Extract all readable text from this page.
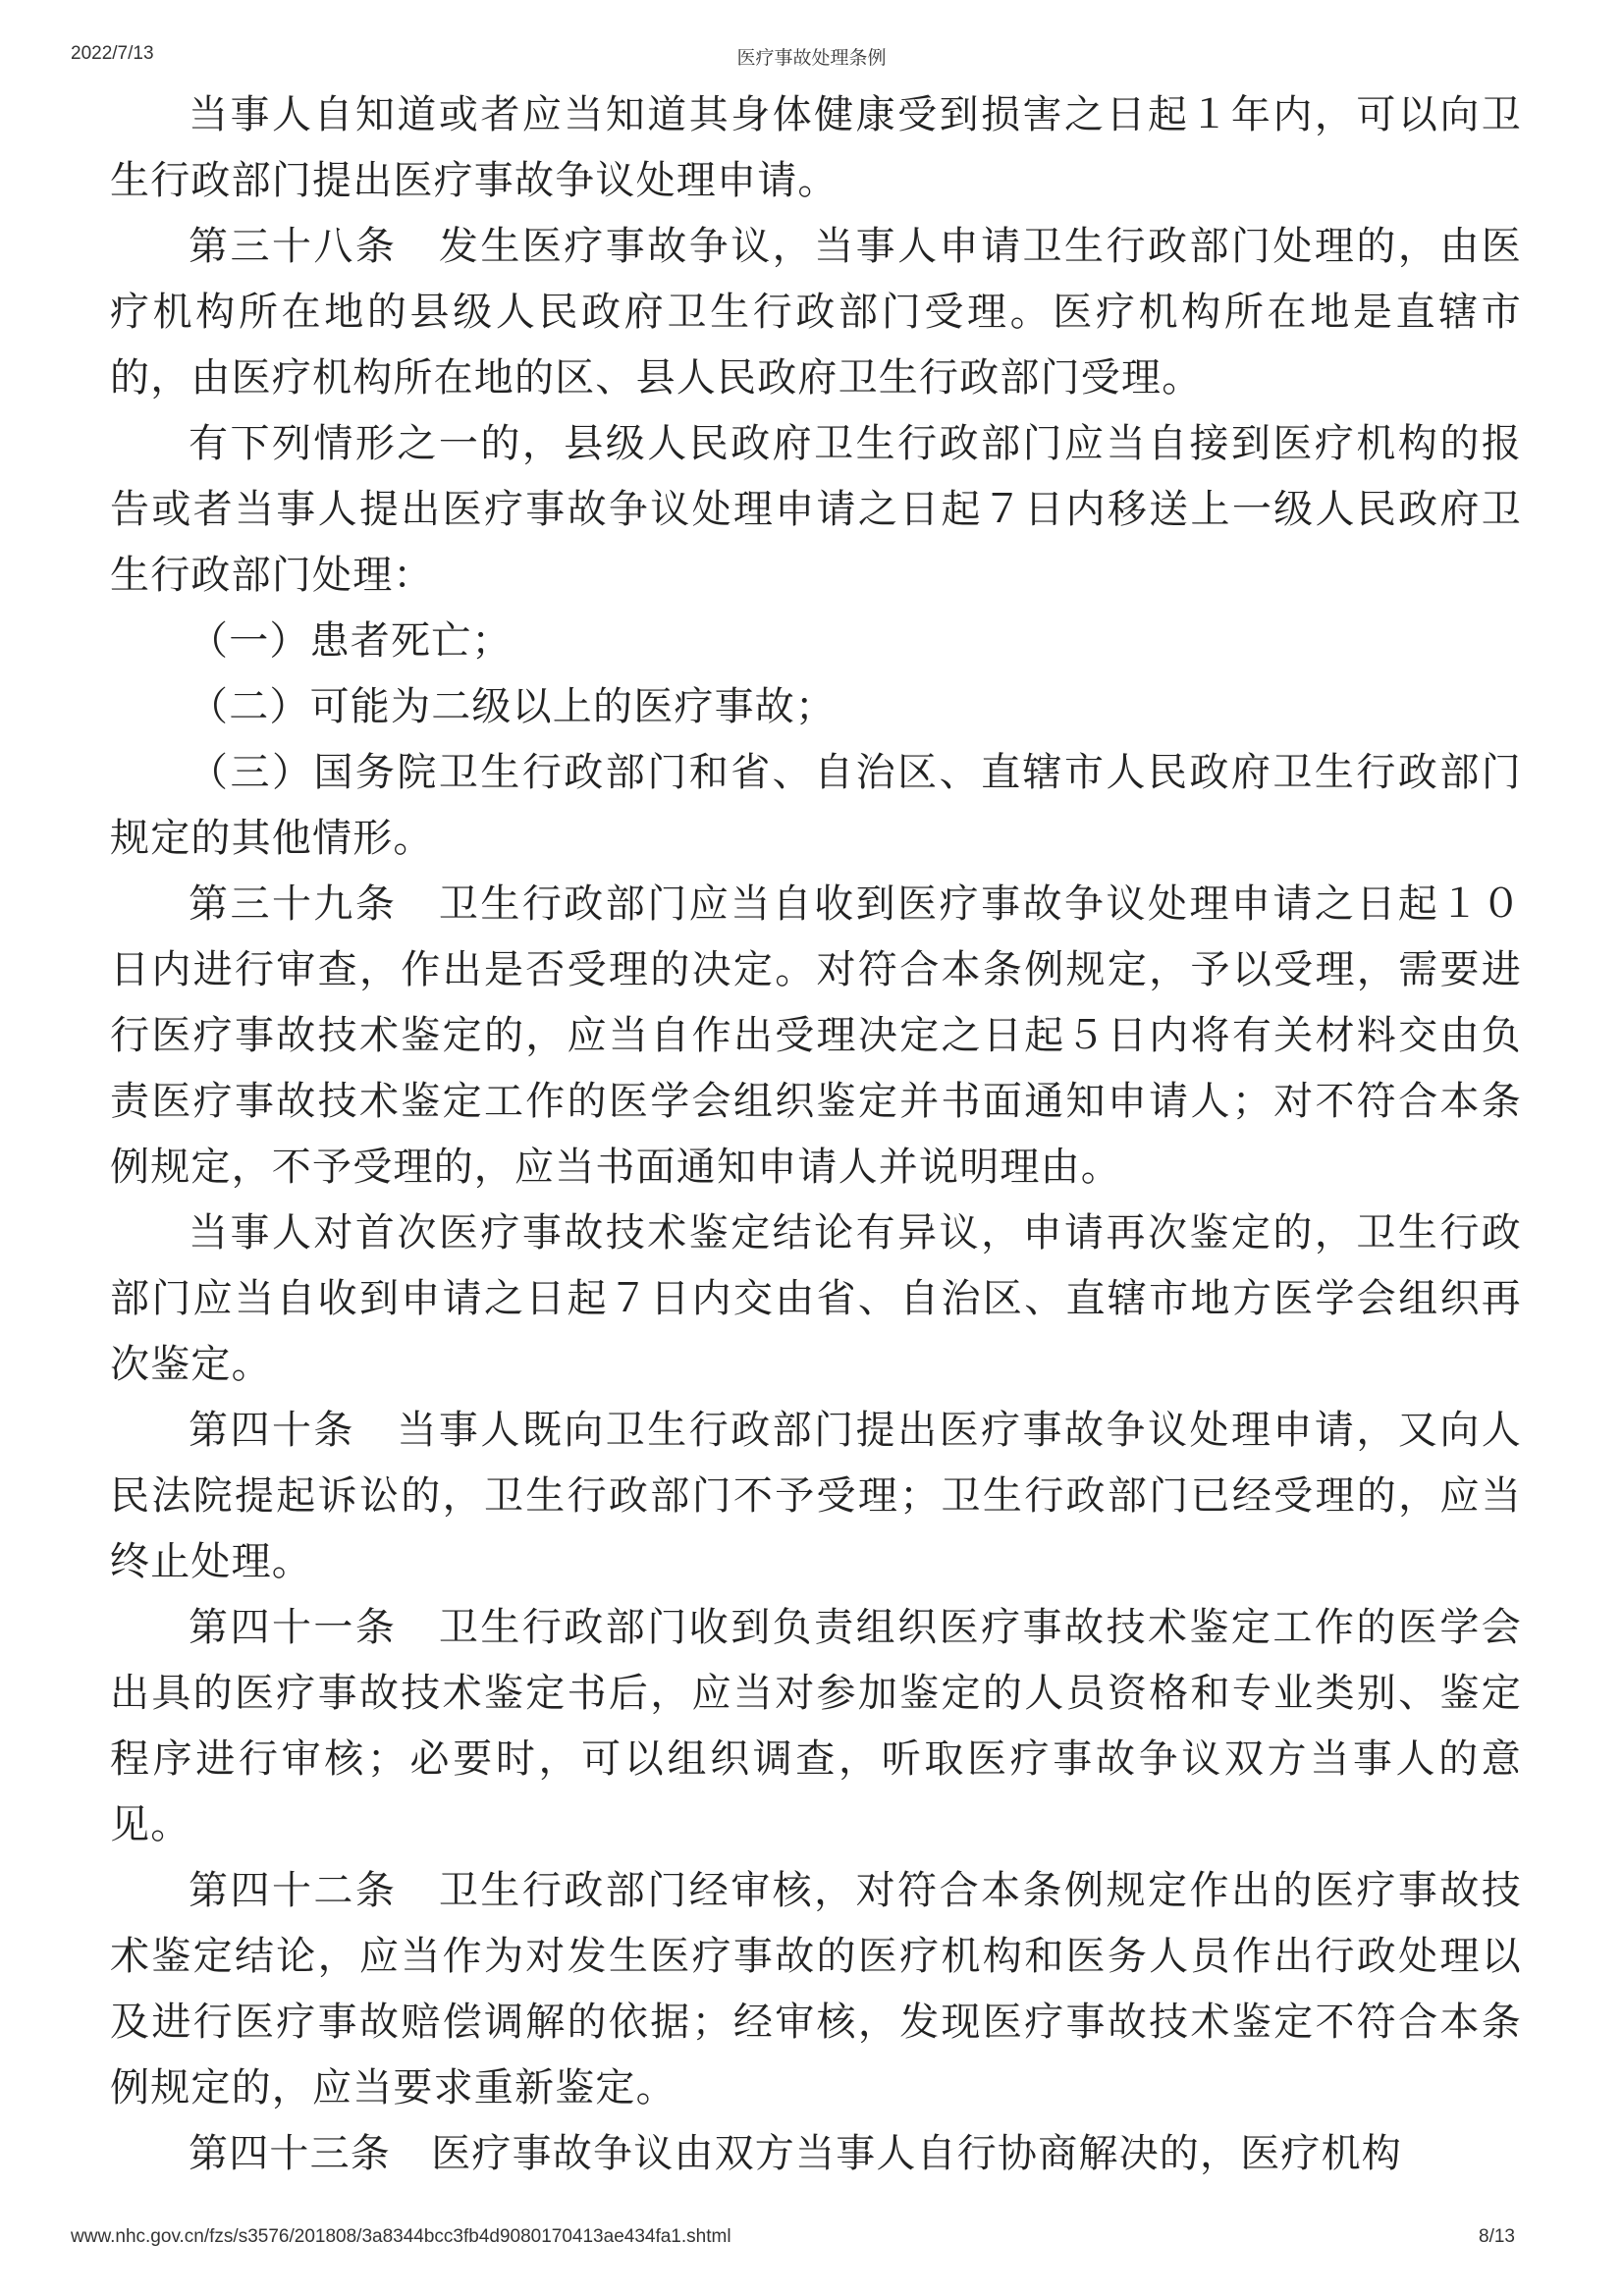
医疗事故处理条例
2022/7/13

当事人自知道或者应当知道其身体健康受到损害之日起１年内，可以向卫生行政部门提出医疗事故争议处理申请。

第三十八条　发生医疗事故争议，当事人申请卫生行政部门处理的，由医疗机构所在地的县级人民政府卫生行政部门受理。医疗机构所在地是直辖市的，由医疗机构所在地的区、县人民政府卫生行政部门受理。

有下列情形之一的，县级人民政府卫生行政部门应当自接到医疗机构的报告或者当事人提出医疗事故争议处理申请之日起７日内移送上一级人民政府卫生行政部门处理：

（一）患者死亡；

（二）可能为二级以上的医疗事故；

（三）国务院卫生行政部门和省、自治区、直辖市人民政府卫生行政部门规定的其他情形。

第三十九条　卫生行政部门应当自收到医疗事故争议处理申请之日起１０日内进行审查，作出是否受理的决定。对符合本条例规定，予以受理，需要进行医疗事故技术鉴定的，应当自作出受理决定之日起５日内将有关材料交由负责医疗事故技术鉴定工作的医学会组织鉴定并书面通知申请人；对不符合本条例规定，不予受理的，应当书面通知申请人并说明理由。

当事人对首次医疗事故技术鉴定结论有异议，申请再次鉴定的，卫生行政部门应当自收到申请之日起７日内交由省、自治区、直辖市地方医学会组织再次鉴定。

第四十条　当事人既向卫生行政部门提出医疗事故争议处理申请，又向人民法院提起诉讼的，卫生行政部门不予受理；卫生行政部门已经受理的，应当终止处理。

第四十一条　卫生行政部门收到负责组织医疗事故技术鉴定工作的医学会出具的医疗事故技术鉴定书后，应当对参加鉴定的人员资格和专业类别、鉴定程序进行审核；必要时，可以组织调查，听取医疗事故争议双方当事人的意见。

第四十二条　卫生行政部门经审核，对符合本条例规定作出的医疗事故技术鉴定结论，应当作为对发生医疗事故的医疗机构和医务人员作出行政处理以及进行医疗事故赔偿调解的依据；经审核，发现医疗事故技术鉴定不符合本条例规定的，应当要求重新鉴定。

第四十三条　医疗事故争议由双方当事人自行协商解决的，医疗机构

www.nhc.gov.cn/fzs/s3576/201808/3a8344bcc3fb4d9080170413ae434fa1.shtml	8/13
